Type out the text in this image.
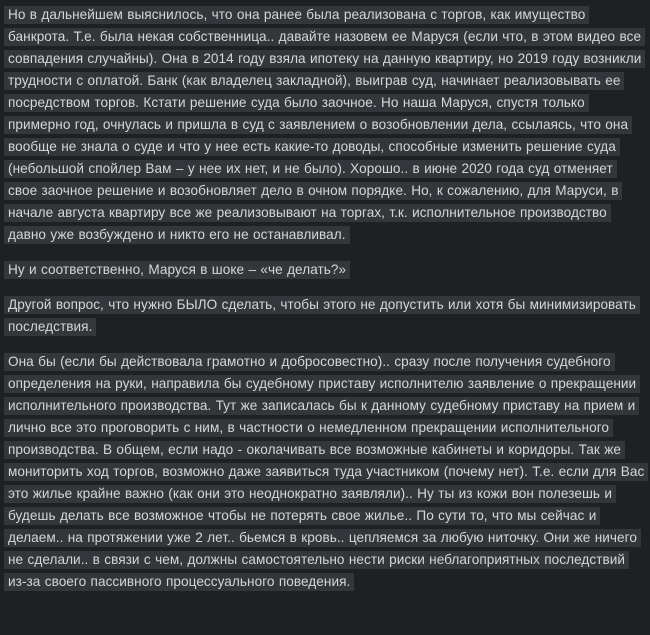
Но в дальнейшем выяснилось, что она ранее была реализована с торгов, как имущество банкрота. Т.е. была некая собственница.. давайте назовем ее Маруся (если что, в этом видео все совпадения случайны). Она в 2014 году взяла ипотеку на данную квартиру, но 2019 году возникли трудности с оплатой. Банк (как владелец закладной), выиграв суд, начинает реализовывать ее посредством торгов. Кстати решение суда было заочное. Но наша Маруся, спустя только примерно год, очнулась и пришла в суд с заявлением о возобновлении дела, ссылаясь, что она вообще не знала о суде и что у нее есть какие-то доводы, способные изменить решение суда (небольшой спойлер Вам – у нее их нет, и не было). Хорошо.. в июне 2020 года суд отменяет свое заочное решение и возобновляет дело в очном порядке. Но, к сожалению, для Маруси, в начале августа квартиру все же реализовывают на торгах, т.к. исполнительное производство давно уже возбуждено и никто его не останавливал.

Ну и соответственно, Маруся в шоке – «че делать?»

Другой вопрос, что нужно БЫЛО сделать, чтобы этого не допустить или хотя бы минимизировать последствия.

Она бы (если бы действовала грамотно и добросовестно).. сразу после получения судебного определения на руки, направила бы судебному приставу исполнителю заявление о прекращении исполнительного производства. Тут же записалась бы к данному судебному приставу на прием и лично все это проговорить с ним, в частности о немедленном прекращении исполнительного производства. В общем, если надо - околачивать все возможные кабинеты и коридоры. Так же мониторить ход торгов, возможно даже заявиться туда участником (почему нет). Т.е. если для Вас это жилье крайне важно (как они это неоднократно заявляли).. Ну ты из кожи вон полезешь и будешь делать все возможное чтобы не потерять свое жилье.. По сути то, что мы сейчас и делаем.. на протяжении уже 2 лет.. бьемся в кровь.. цепляемся за любую ниточку. Они же ничего не сделали.. в связи с чем, должны самостоятельно нести риски неблагоприятных последствий из-за своего пассивного процессуального поведения.
